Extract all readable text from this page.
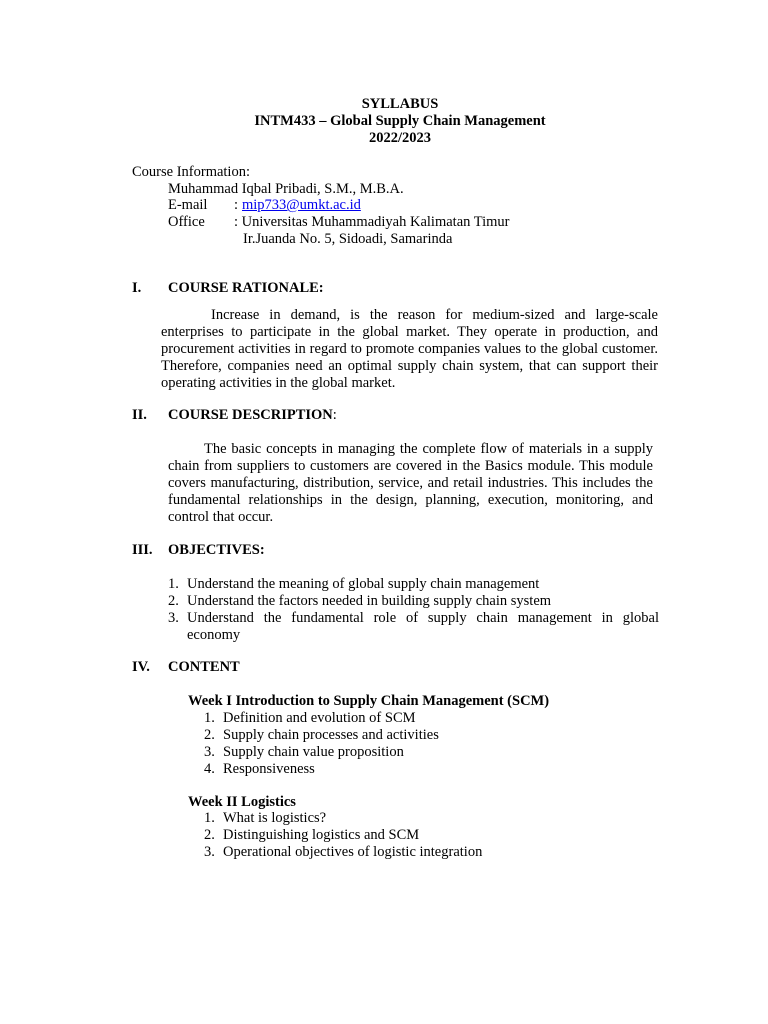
SYLLABUS
INTM433 – Global Supply Chain Management
2022/2023
Course Information:
Muhammad Iqbal Pribadi, S.M., M.B.A.
E-mail : mip733@umkt.ac.id
Office : Universitas Muhammadiyah Kalimatan Timur
Ir.Juanda No. 5, Sidoadi, Samarinda
I. COURSE RATIONALE:
Increase in demand, is the reason for medium-sized and large-scale enterprises to participate in the global market. They operate in production, and procurement activities in regard to promote companies values to the global customer. Therefore, companies need an optimal supply chain system, that can support their operating activities in the global market.
II. COURSE DESCRIPTION:
The basic concepts in managing the complete flow of materials in a supply chain from suppliers to customers are covered in the Basics module. This module covers manufacturing, distribution, service, and retail industries. This includes the fundamental relationships in the design, planning, execution, monitoring, and control that occur.
III. OBJECTIVES:
1. Understand the meaning of global supply chain management
2. Understand the factors needed in building supply chain system
3. Understand the fundamental role of supply chain management in global economy
IV. CONTENT
Week I Introduction to Supply Chain Management (SCM)
1. Definition and evolution of SCM
2. Supply chain processes and activities
3. Supply chain value proposition
4. Responsiveness
Week II Logistics
1. What is logistics?
2. Distinguishing logistics and SCM
3. Operational objectives of logistic integration
